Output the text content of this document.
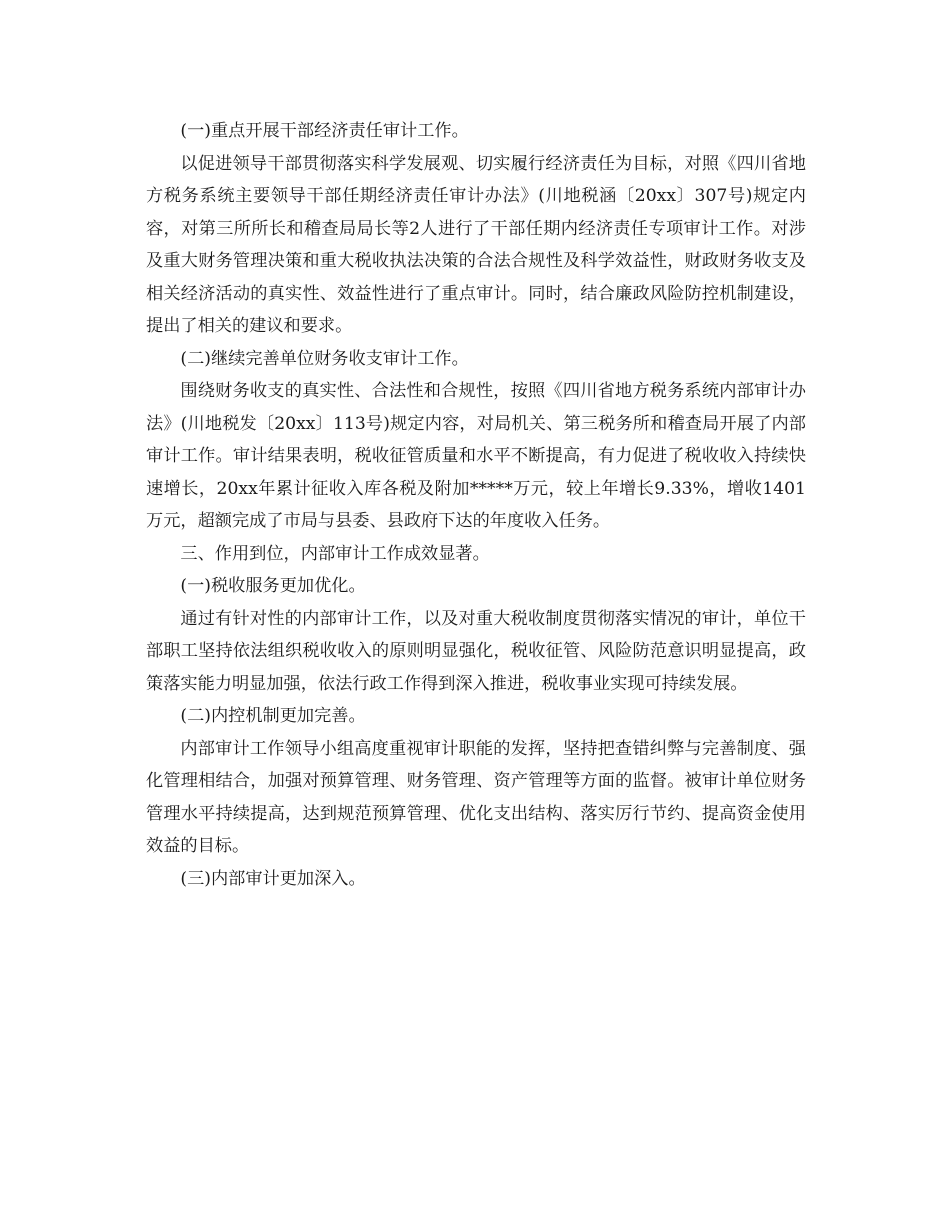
(一)重点开展干部经济责任审计工作。

以促进领导干部贯彻落实科学发展观、切实履行经济责任为目标，对照《四川省地方税务系统主要领导干部任期经济责任审计办法》(川地税涵〔20xx〕307号)规定内容，对第三所所长和稽查局局长等2人进行了干部任期内经济责任专项审计工作。对涉及重大财务管理决策和重大税收执法决策的合法合规性及科学效益性，财政财务收支及相关经济活动的真实性、效益性进行了重点审计。同时，结合廉政风险防控机制建设，提出了相关的建议和要求。

(二)继续完善单位财务收支审计工作。

围绕财务收支的真实性、合法性和合规性，按照《四川省地方税务系统内部审计办法》(川地税发〔20xx〕113号)规定内容，对局机关、第三税务所和稽查局开展了内部审计工作。审计结果表明，税收征管质量和水平不断提高，有力促进了税收收入持续快速增长，20xx年累计征收入库各税及附加*****万元，较上年增长9.33%，增收1401万元，超额完成了市局与县委、县政府下达的年度收入任务。

三、作用到位，内部审计工作成效显著。

(一)税收服务更加优化。

通过有针对性的内部审计工作，以及对重大税收制度贯彻落实情况的审计，单位干部职工坚持依法组织税收收入的原则明显强化，税收征管、风险防范意识明显提高，政策落实能力明显加强，依法行政工作得到深入推进，税收事业实现可持续发展。

(二)内控机制更加完善。

内部审计工作领导小组高度重视审计职能的发挥，坚持把查错纠弊与完善制度、强化管理相结合，加强对预算管理、财务管理、资产管理等方面的监督。被审计单位财务管理水平持续提高，达到规范预算管理、优化支出结构、落实厉行节约、提高资金使用效益的目标。

(三)内部审计更加深入。
